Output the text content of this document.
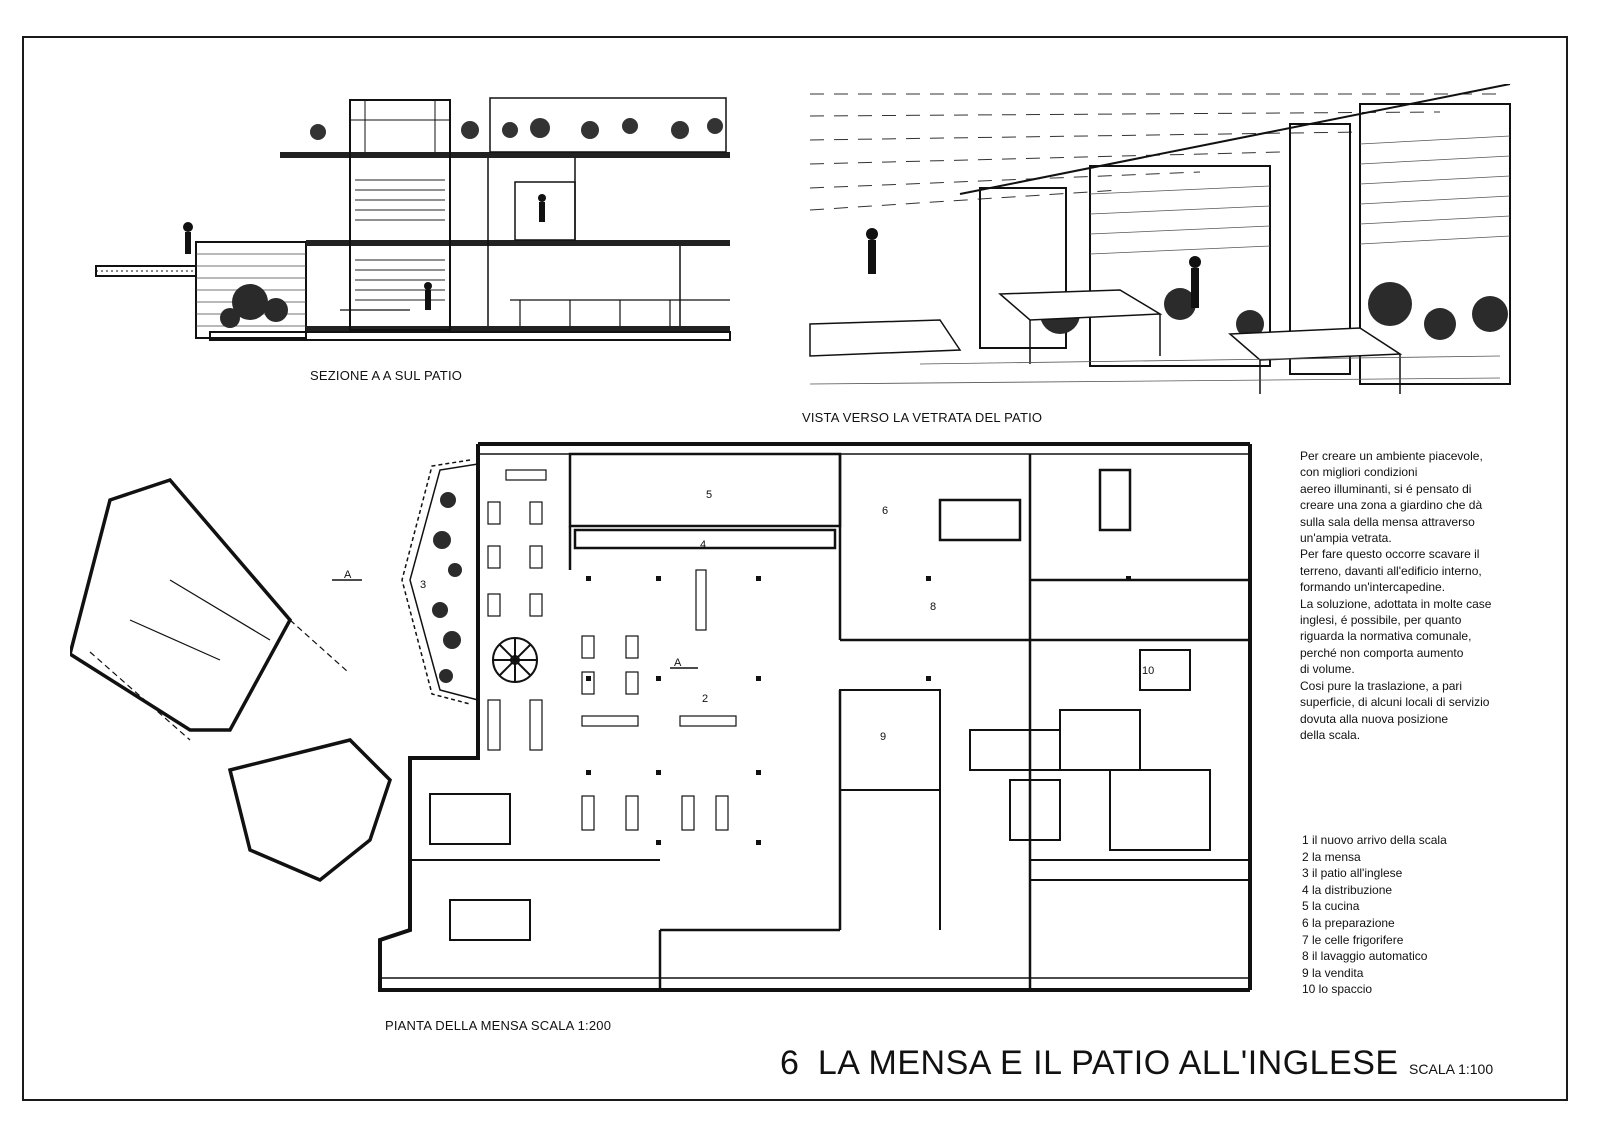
SEZIONE A A SUL PATIO
VISTA VERSO LA VETRATA DEL PATIO
2
3
4
5
6
8
9
10
A
A
PIANTA DELLA MENSA SCALA 1:200

Per creare un ambiente piacevole,

con migliori condizioni

aereo illuminanti, si é pensato di

creare una zona a giardino che dà

sulla sala della mensa attraverso

un'ampia vetrata.

Per fare questo occorre scavare il

terreno, davanti all'edificio interno,

formando un'intercapedine.

La soluzione, adottata in molte case

inglesi, é possibile, per quanto

riguarda la normativa comunale,

perché non comporta aumento

di volume.

Cosi pure la traslazione, a pari

superficie, di alcuni locali di servizio

dovuta alla nuova posizione

della scala.

1 il nuovo arrivo della scala
2 la mensa
3 il patio all'inglese
4 la distribuzione
5 la cucina
6 la preparazione
7 le celle frigorifere
8 il lavaggio automatico
9 la vendita
10 lo spaccio
6 LA MENSA E IL PATIO ALL'INGLESE SCALA 1:100
